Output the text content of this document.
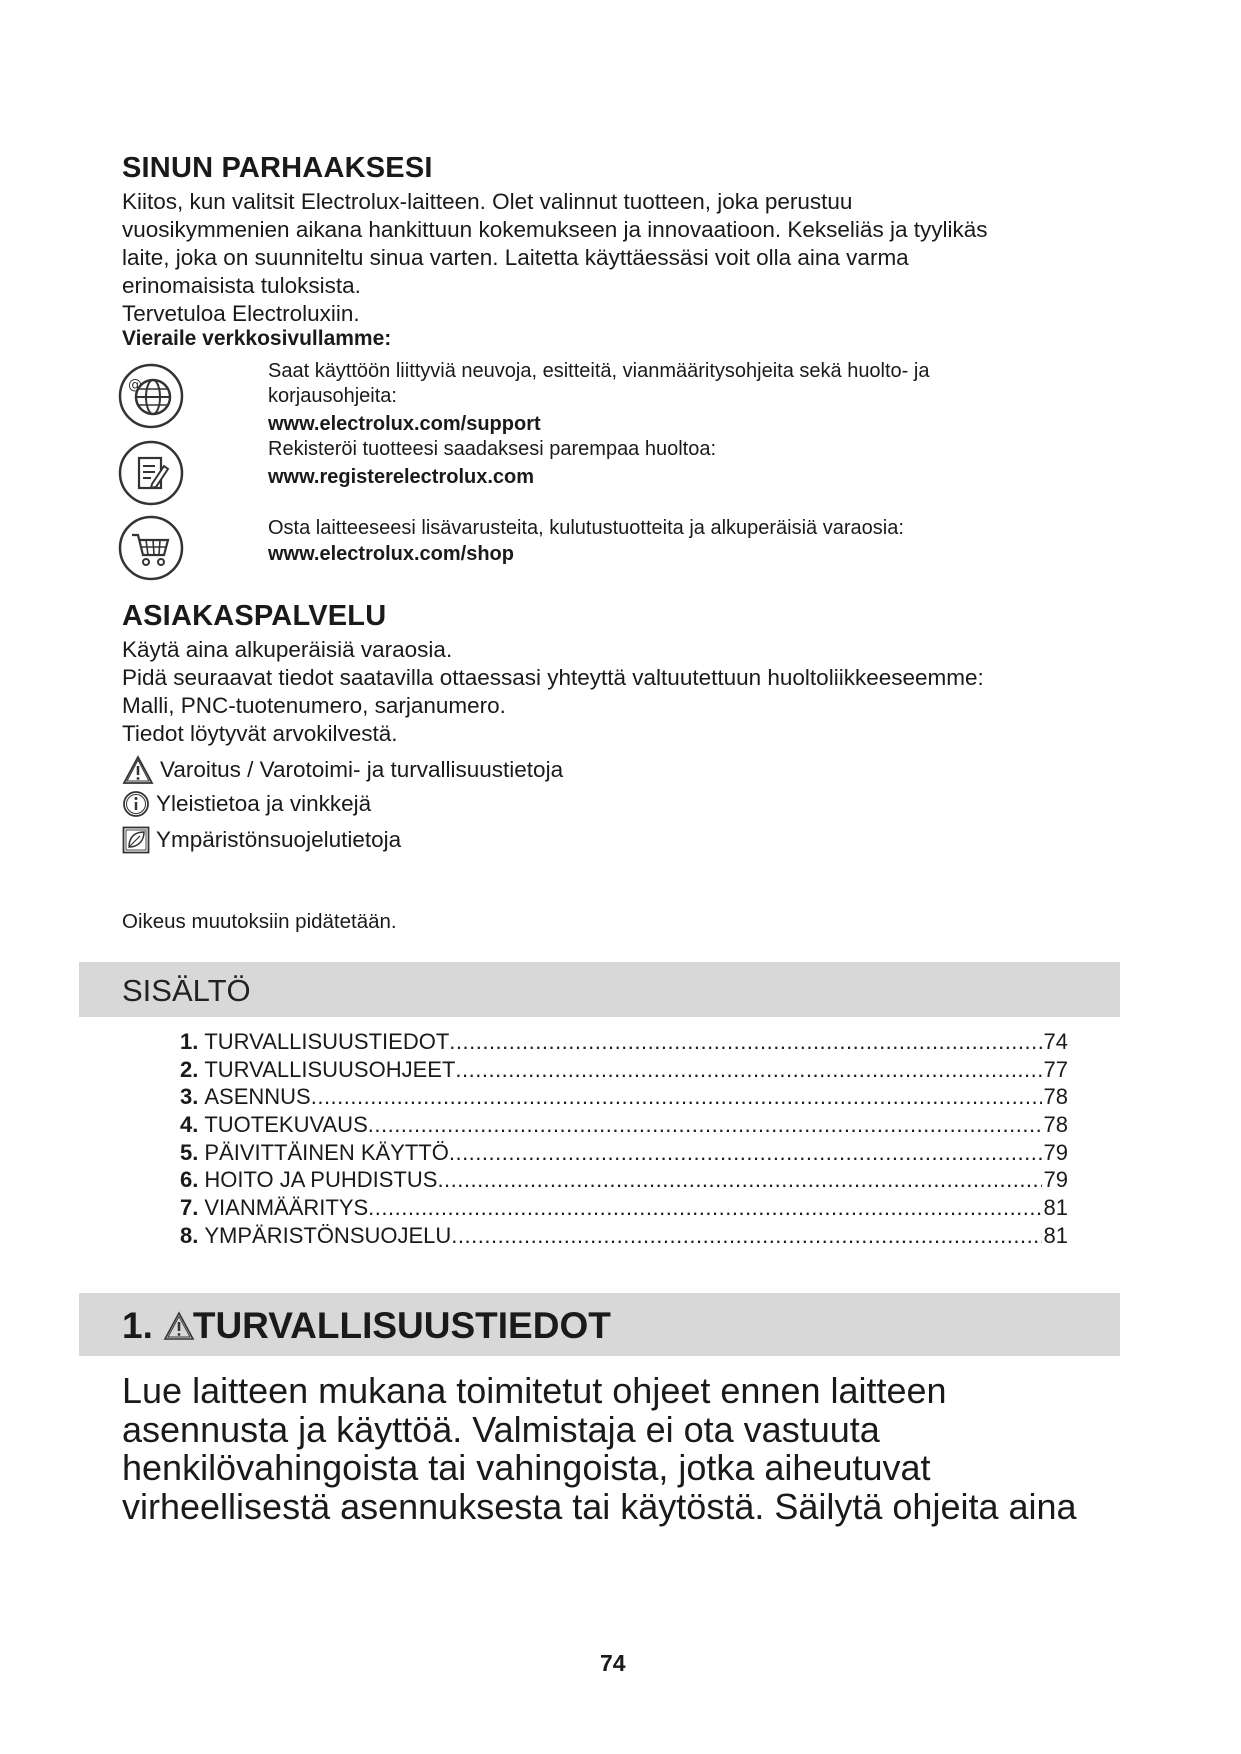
SINUN PARHAAKSESI
Kiitos, kun valitsit Electrolux-laitteen. Olet valinnut tuotteen, joka perustuu
vuosikymmenien aikana hankittuun kokemukseen ja innovaatioon. Kekseliäs ja tyylikäs
laite, joka on suunniteltu sinua varten. Laitetta käyttäessäsi voit olla aina varma
erinomaisista tuloksista.
Tervetuloa Electroluxiin.
Vieraile verkkosivullamme:
@
Saat käyttöön liittyviä neuvoja, esitteitä, vianmääritysohjeita sekä huolto- ja
korjausohjeita:
www.electrolux.com/support
Rekisteröi tuotteesi saadaksesi parempaa huoltoa:
www.registerelectrolux.com
Osta laitteeseesi lisävarusteita, kulutustuotteita ja alkuperäisiä varaosia:
www.electrolux.com/shop
ASIAKASPALVELU
Käytä aina alkuperäisiä varaosia.
Pidä seuraavat tiedot saatavilla ottaessasi yhteyttä valtuutettuun huoltoliikkeeseemme:
Malli, PNC-tuotenumero, sarjanumero.
Tiedot löytyvät arvokilvestä.
Varoitus / Varotoimi- ja turvallisuustietoja
Yleistietoa ja vinkkejä
Ympäristönsuojelutietoja
Oikeus muutoksiin pidätetään.
SISÄLTÖ
1. TURVALLISUUSTIEDOT .....	74
2. TURVALLISUUSOHJEET .....	77
3. ASENNUS .....	78
4. TUOTEKUVAUS .....	78
5. PÄIVITTÄINEN KÄYTTÖ .....	79
6. HOITO JA PUHDISTUS .....	79
7. VIANMÄÄRITYS .....	81
8. YMPÄRISTÖNSUOJELU .....	81
1. TURVALLISUUSTIEDOT
Lue laitteen mukana toimitetut ohjeet ennen laitteen
asennusta ja käyttöä. Valmistaja ei ota vastuuta
henkilövahingoista tai vahingoista, jotka aiheutuvat
virheellisestä asennuksesta tai käytöstä. Säilytä ohjeita aina
74
